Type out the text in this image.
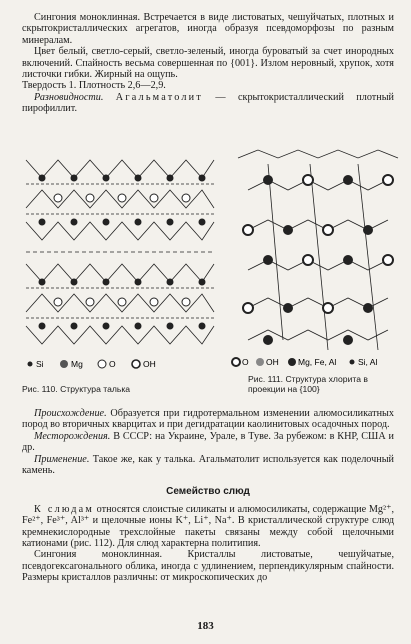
Сингония моноклинная. Встречается в виде листоватых, чешуйчатых, плотных и скрытокристаллических агрегатов, иногда образуя псевдоморфозы по разным минералам.

Цвет белый, светло-серый, светло-зеленый, иногда буроватый за счет инородных включений. Спайность весьма совершенная по {001}. Излом неровный, хрупок, хотя листочки гибки. Жирный на ощупь.

Твердость 1. Плотность 2,6—2,9.

Разновидности. Агальматолит — скрытокристаллический плотный пирофиллит.

Si	Mg	O	OH	O OH Mg, Fe, Al	Si, Al
Рис. 110. Структура талька
Рис. 111. Структура хлорита в проекции на {100}

Происхождение. Образуется при гидротермальном изменении алюмосиликатных пород во вторичных кварцитах и при дегидратации каолинитовых осадочных пород.

Месторождения. В СССР: на Украине, Урале, в Туве. За рубежом: в КНР, США и др.

Применение. Такое же, как у талька. Агальматолит используется как поделочный камень.

Семейство слюд

К слюдам относятся слоистые силикаты и алюмосиликаты, содержащие Mg²⁺, Fe²⁺, Fe³⁺, Al³⁺ и щелочные ионы K⁺, Li⁺, Na⁺. В кристаллической структуре слюд кремнекислородные трехслойные пакеты связаны между собой щелочными катионами (рис. 112). Для слюд характерна политипия.

Сингония моноклинная. Кристаллы листоватые, чешуйчатые, псевдогексагонального облика, иногда с удлинением, перпендикулярным спайности. Размеры кристаллов различны: от микроскопических до

183
